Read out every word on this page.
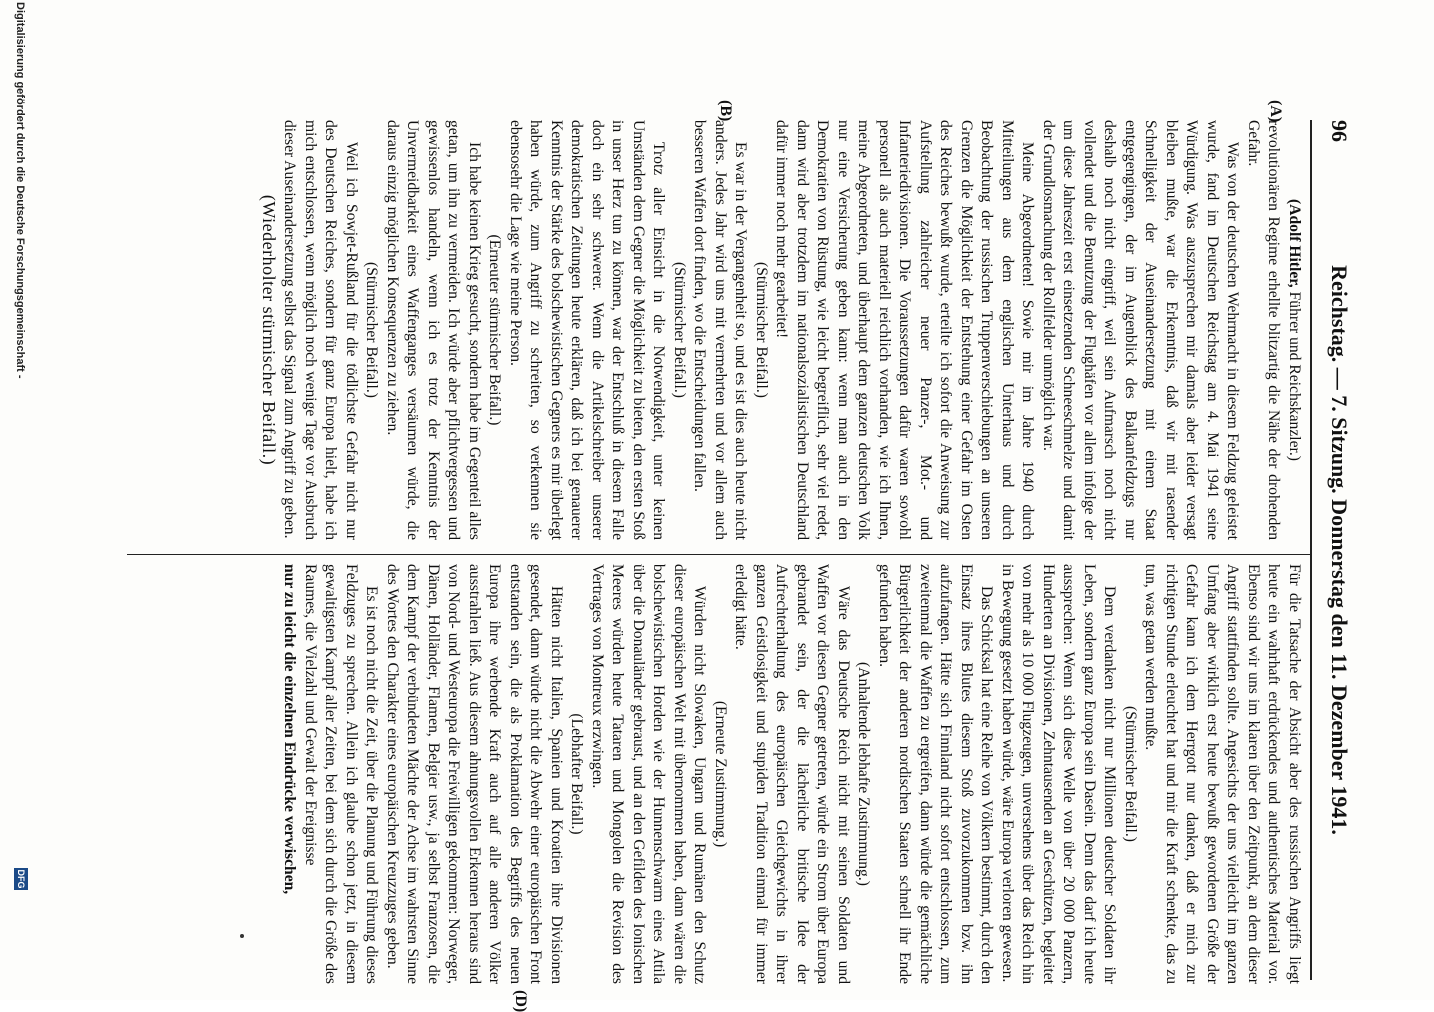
96
Reichstag. — 7. Sitzung. Donnerstag den 11. Dezember 1941.
(A)
(B)
(D)

(Adolf Hitler, Führer und Reichskanzler.)

revolutionären Regime erhellte blitzartig die Nähe der drohenden Gefahr.

Was von der deutschen Wehrmacht in diesem Feldzug geleistet wurde, fand im Deutschen Reichstag am 4. Mai 1941 seine Würdigung. Was auszusprechen mir damals aber leider versagt bleiben mußte, war die Erkenntnis, daß wir mit rasender Schnelligkeit der Auseinandersetzung mit einem Staat entgegengingen, der im Augenblick des Balkanfeldzugs nur deshalb noch nicht eingriff, weil sein Aufmarsch noch nicht vollendet und die Benutzung der Flughäfen vor allem infolge der um diese Jahreszeit erst einsetzenden Schneeschmelze und damit der Grundlosmachung der Rollfelder unmöglich war.

Meine Abgeordneten! Sowie mir im Jahre 1940 durch Mitteilungen aus dem englischen Unterhaus und durch Beobachtung der russischen Truppenverschiebungen an unseren Grenzen die Möglichkeit der Entstehung einer Gefahr im Osten des Reiches bewußt wurde, erteilte ich sofort die Anweisung zur Aufstellung zahlreicher neuer Panzer-, Mot.- und Infanteriedivisionen. Die Voraussetzungen dafür waren sowohl personell als auch materiell reichlich vorhanden, wie ich Ihnen, meine Abgeordneten, und überhaupt dem ganzen deutschen Volk nur eine Versicherung geben kann: wenn man auch in den Demokratien von Rüstung, wie leicht begreiflich, sehr viel redet, dann wird aber trotzdem im nationalsozialistischen Deutschland dafür immer noch mehr gearbeitet!

(Stürmischer Beifall.)

Es war in der Vergangenheit so, und es ist dies auch heute nicht anders. Jedes Jahr wird uns mit vermehrten und vor allem auch besseren Waffen dort finden, wo die Entscheidungen fallen.

(Stürmischer Beifall.)

Trotz aller Einsicht in die Notwendigkeit, unter keinen Umständen dem Gegner die Möglichkeit zu bieten, den ersten Stoß in unser Herz tun zu können, war der Entschluß in diesem Falle doch ein sehr schwerer. Wenn die Artikelschreiber unserer demokratischen Zeitungen heute erklären, daß ich bei genauerer Kenntnis der Stärke des bolschewistischen Gegners es mir überlegt haben würde, zum Angriff zu schreiten, so verkennen sie ebensosehr die Lage wie meine Person.

(Erneuter stürmischer Beifall.)

Ich habe keinen Krieg gesucht, sondern habe im Gegenteil alles getan, um ihn zu vermeiden. Ich würde aber pflichtvergessen und gewissenlos handeln, wenn ich es trotz der Kenntnis der Unvermeidbarkeit eines Waffenganges versäumen würde, die daraus einzig möglichen Konsequenzen zu ziehen.

(Stürmischer Beifall.)

Weil ich Sowjet-Rußland für die tödlichste Gefahr nicht nur des Deutschen Reiches, sondern für ganz Europa hielt, habe ich mich entschlossen, wenn möglich noch wenige Tage vor Ausbruch dieser Auseinandersetzung selbst das Signal zum Angriff zu geben.

(Wiederholter stürmischer Beifall.)

Für die Tatsache der Absicht aber des russischen Angriffs liegt heute ein wahrhaft erdrückendes und authentisches Material vor. Ebenso sind wir uns im klaren über den Zeitpunkt, an dem dieser Angriff stattfinden sollte. Angesichts der uns vielleicht im ganzen Umfang aber wirklich erst heute bewußt gewordenen Größe der Gefahr kann ich dem Herrgott nur danken, daß er mich zur richtigen Stunde erleuchtet hat und mir die Kraft schenkte, das zu tun, was getan werden mußte.

(Stürmischer Beifall.)

Dem verdanken nicht nur Millionen deutscher Soldaten ihr Leben, sondern ganz Europa sein Dasein. Denn das darf ich heute aussprechen: Wenn sich diese Welle von über 20 000 Panzern, Hunderten an Divisionen, Zehntausenden an Geschützen, begleitet von mehr als 10 000 Flugzeugen, unversehens über das Reich hin in Bewegung gesetzt haben würde, wäre Europa verloren gewesen.

Das Schicksal hat eine Reihe von Völkern bestimmt, durch den Einsatz ihres Blutes diesem Stoß zuvorzukommen bzw. ihn aufzufangen. Hätte sich Finnland nicht sofort entschlossen, zum zweitenmal die Waffen zu ergreifen, dann würde die gemächliche Bürgerlichkeit der anderen nordischen Staaten schnell ihr Ende gefunden haben.

(Anhaltende lebhafte Zustimmung.)

Wäre das Deutsche Reich nicht mit seinen Soldaten und Waffen vor diesen Gegner getreten, würde ein Strom über Europa gebrandet sein, der die lächerliche britische Idee der Aufrechterhaltung des europäischen Gleichgewichts in ihrer ganzen Geistlosigkeit und stupiden Tradition einmal für immer erledigt hätte.

(Erneute Zustimmung.)

Würden nicht Slowaken, Ungarn und Rumänen den Schutz dieser europäischen Welt mit übernommen haben, dann wären die bolschewistischen Horden wie der Hunnenschwarm eines Attila über die Donauländer gebraust, und an den Gefilden des Ionischen Meeres würden heute Tataren und Mongolen die Revision des Vertrages von Montreux erzwingen.

(Lebhafter Beifall.)

Hätten nicht Italien, Spanien und Kroatien ihre Divisionen gesendet, dann würde nicht die Abwehr einer europäischen Front entstanden sein, die als Proklamation des Begriffs des neuen Europa ihre werbende Kraft auch auf alle anderen Völker ausstrahlen ließ. Aus diesem ahnungsvollen Erkennen heraus sind von Nord- und Westeuropa die Freiwilligen gekommen: Norweger, Dänen, Holländer, Flamen, Belgier usw., ja selbst Franzosen, die dem Kampf der verbündeten Mächte der Achse im wahrsten Sinne des Wortes den Charakter eines europäischen Kreuzzuges geben.

Es ist noch nicht die Zeit, über die Planung und Führung dieses Feldzuges zu sprechen. Allein ich glaube schon jetzt, in diesem gewaltigsten Kampf aller Zeiten, bei dem sich durch die Größe des Raumes, die Vielzahl und Gewalt der Ereignisse

nur zu leicht die einzelnen Eindrücke verwischen,

Digitalisierung gefördert durch die Deutsche Forschungsgemeinschaft -
DFG
